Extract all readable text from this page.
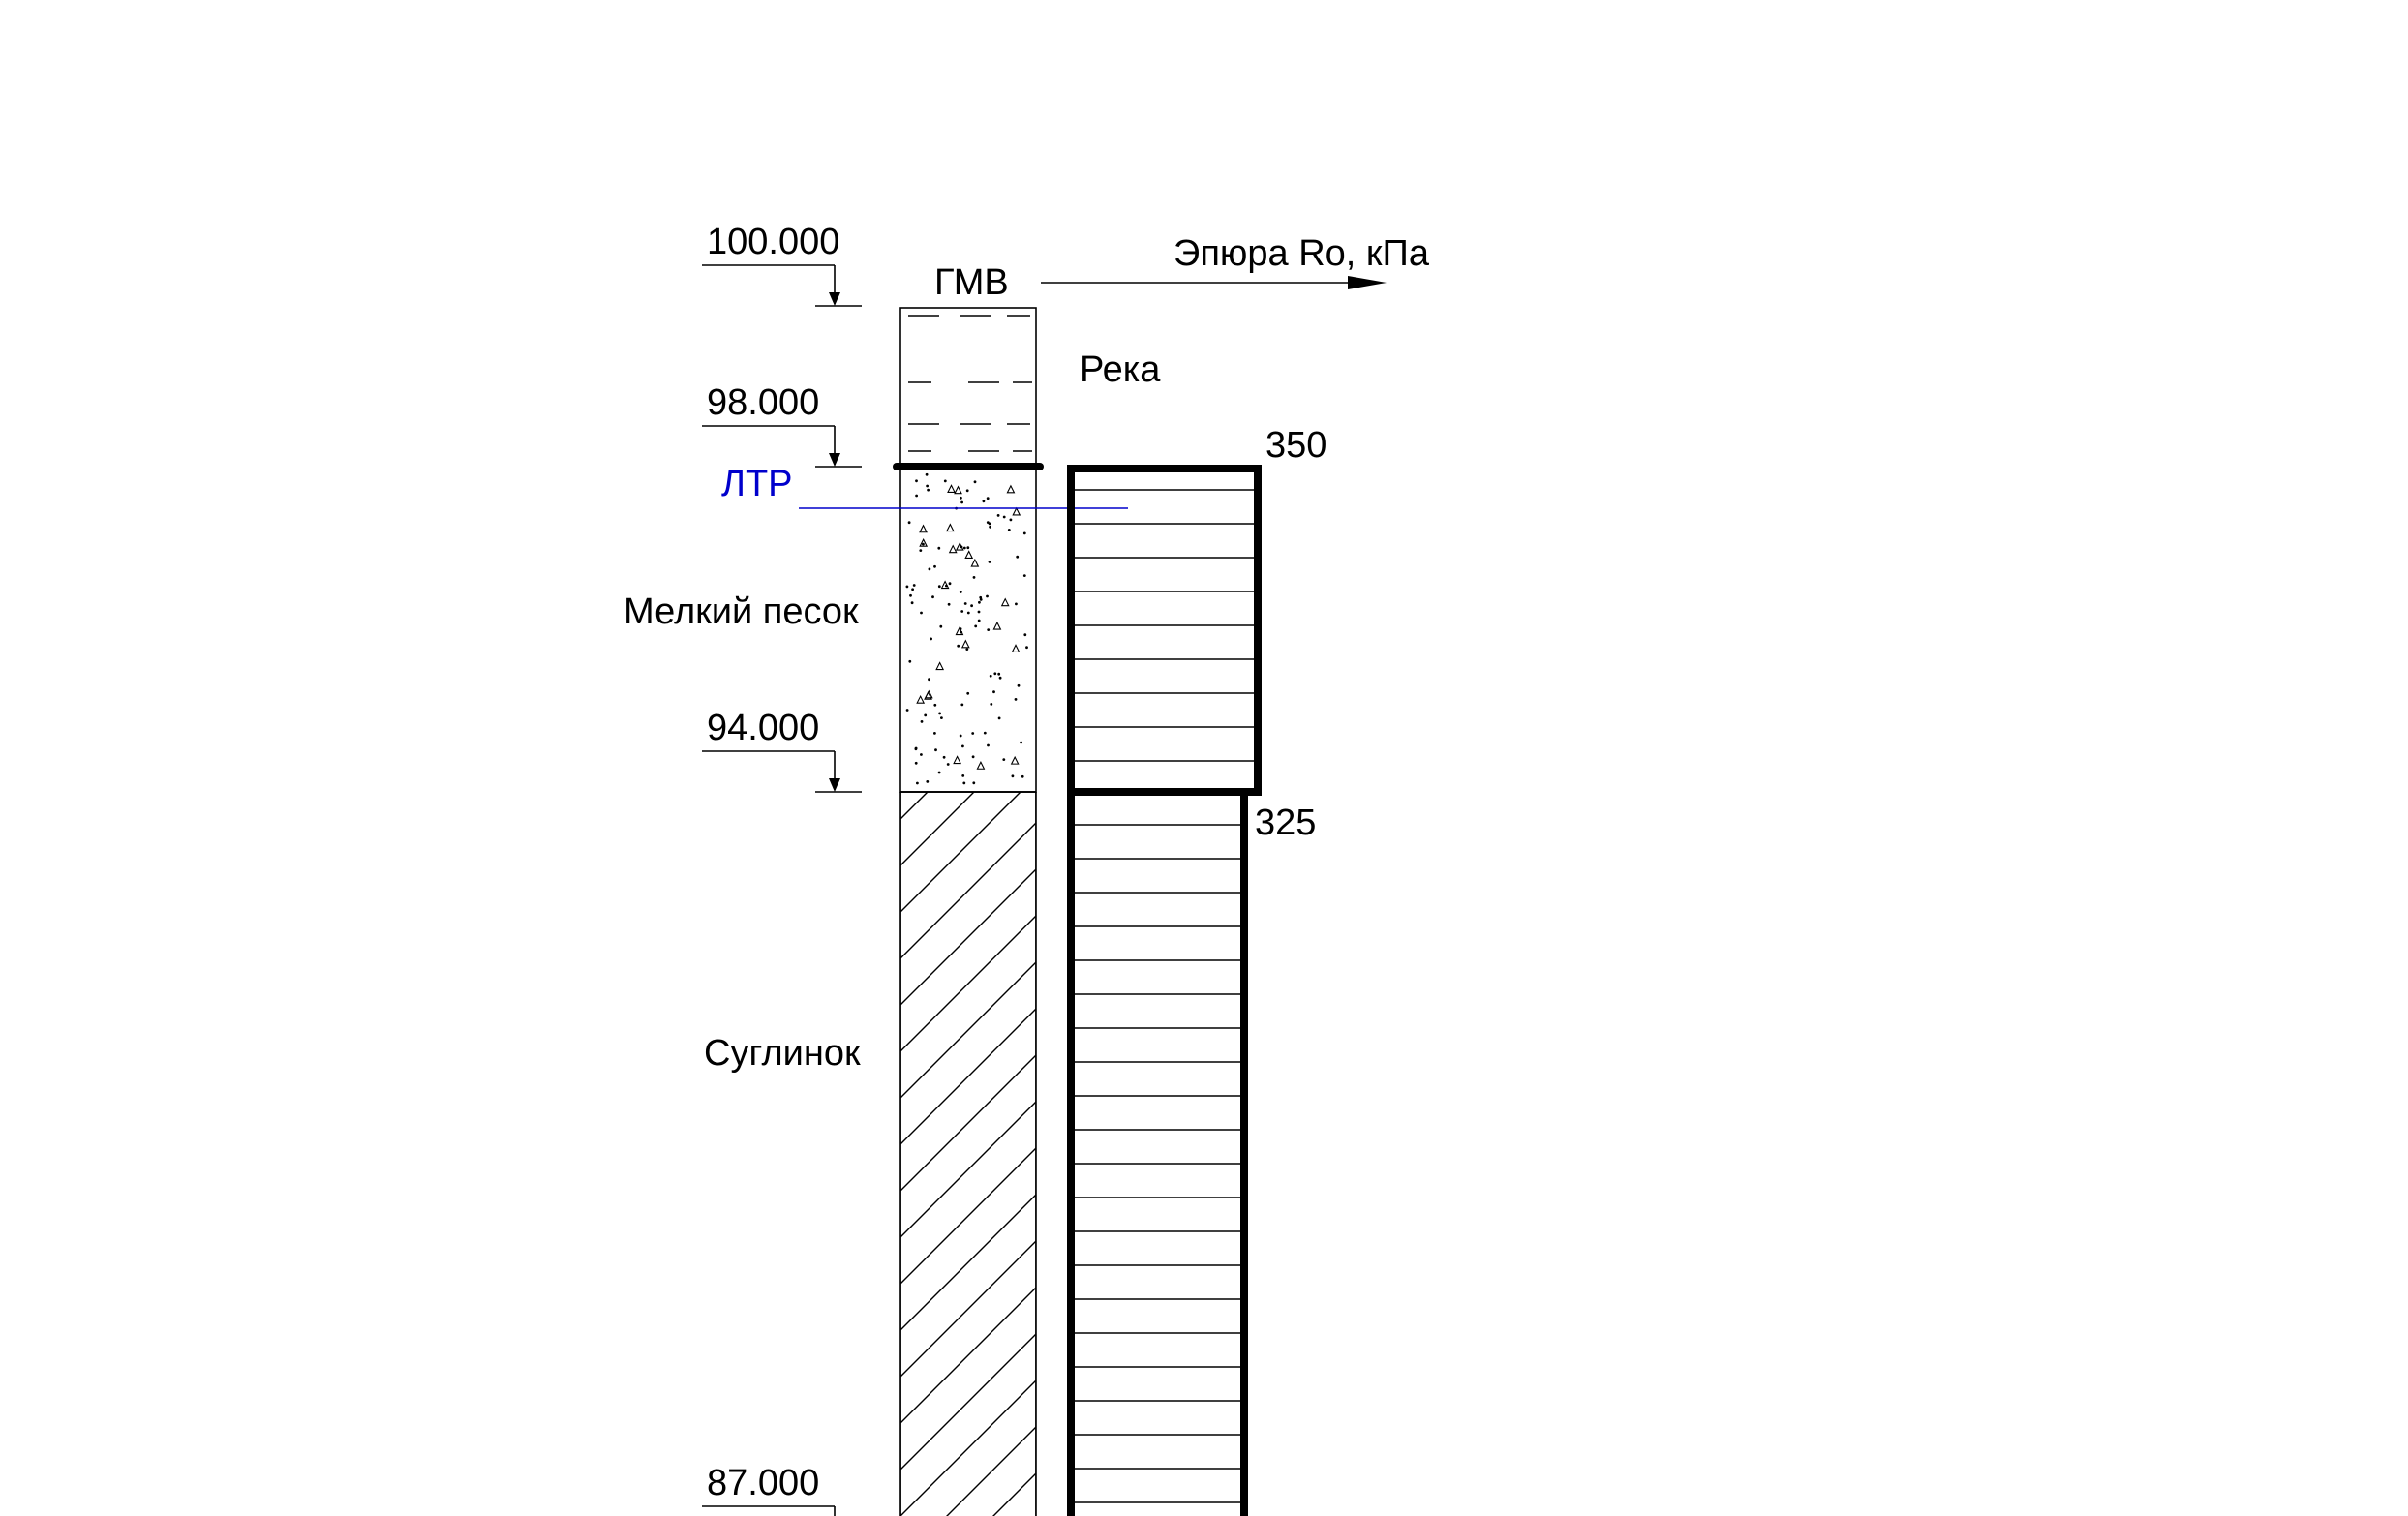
100.000
98.000
94.000
87.000
ГМВ
Эпюра Ro, кПа
Река
ЛТР
Мелкий песок
Суглинок
350
325
